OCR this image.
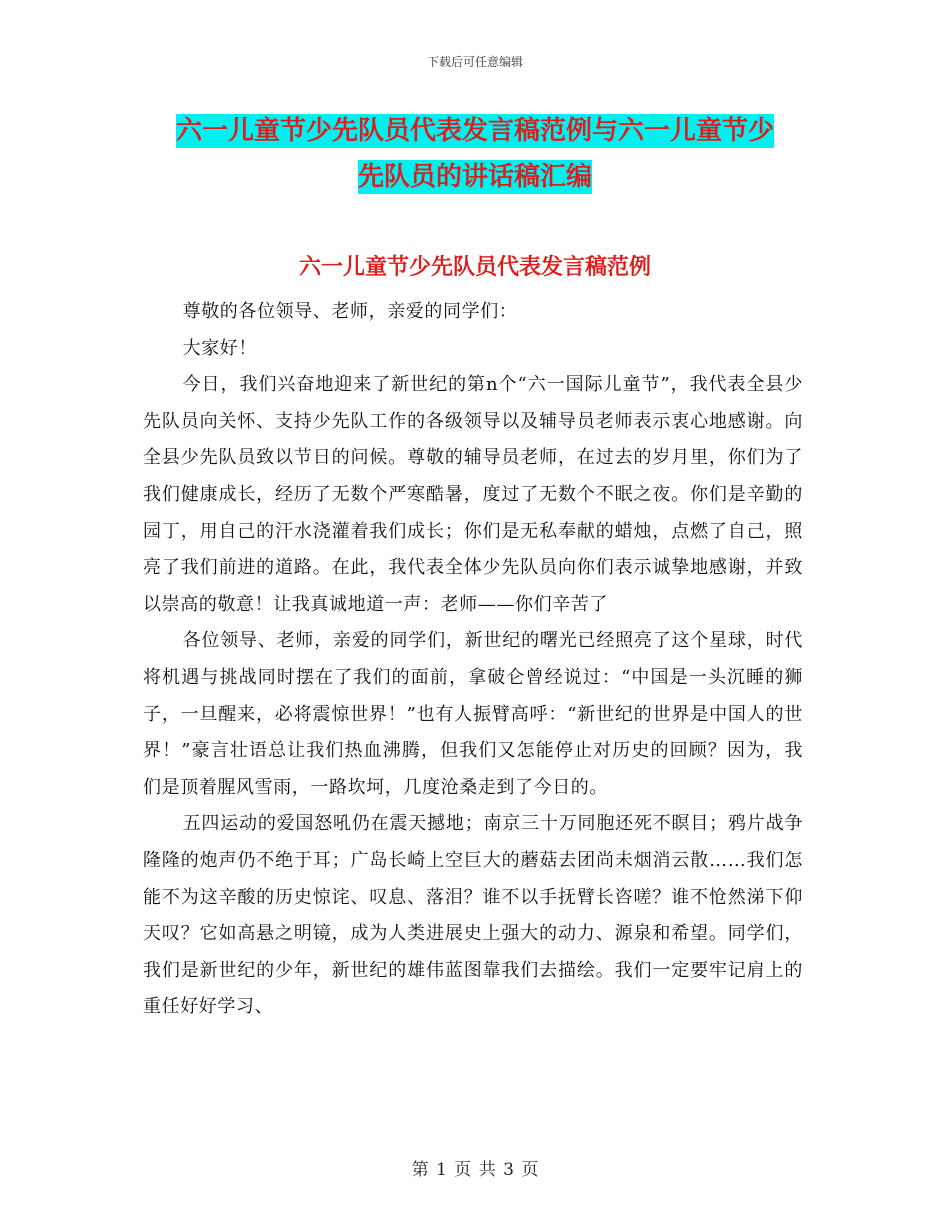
下载后可任意编辑
六一儿童节少先队员代表发言稿范例与六一儿童节少
先队员的讲话稿汇编
六一儿童节少先队员代表发言稿范例

尊敬的各位领导、老师，亲爱的同学们：

大家好！

今日，我们兴奋地迎来了新世纪的第n个“六一国际儿童节”，我代表全县少先队员向关怀、支持少先队工作的各级领导以及辅导员老师表示衷心地感谢。向全县少先队员致以节日的问候。尊敬的辅导员老师，在过去的岁月里，你们为了我们健康成长，经历了无数个严寒酷暑，度过了无数个不眠之夜。你们是辛勤的园丁，用自己的汗水浇灌着我们成长；你们是无私奉献的蜡烛，点燃了自己，照亮了我们前进的道路。在此，我代表全体少先队员向你们表示诚挚地感谢，并致以崇高的敬意！让我真诚地道一声：老师——你们辛苦了

各位领导、老师，亲爱的同学们，新世纪的曙光已经照亮了这个星球，时代将机遇与挑战同时摆在了我们的面前，拿破仑曾经说过：“中国是一头沉睡的狮子，一旦醒来，必将震惊世界！”也有人振臂高呼：“新世纪的世界是中国人的世界！”豪言壮语总让我们热血沸腾，但我们又怎能停止对历史的回顾？因为，我们是顶着腥风雪雨，一路坎坷，几度沧桑走到了今日的。

五四运动的爱国怒吼仍在震天撼地；南京三十万同胞还死不瞑目；鸦片战争隆隆的炮声仍不绝于耳；广岛长崎上空巨大的蘑菇去团尚未烟消云散……我们怎能不为这辛酸的历史惊诧、叹息、落泪？谁不以手抚臂长咨嗟？谁不怆然涕下仰天叹？它如高悬之明镜，成为人类进展史上强大的动力、源泉和希望。同学们，我们是新世纪的少年，新世纪的雄伟蓝图靠我们去描绘。我们一定要牢记肩上的重任好好学习、

第 1 页 共 3 页
